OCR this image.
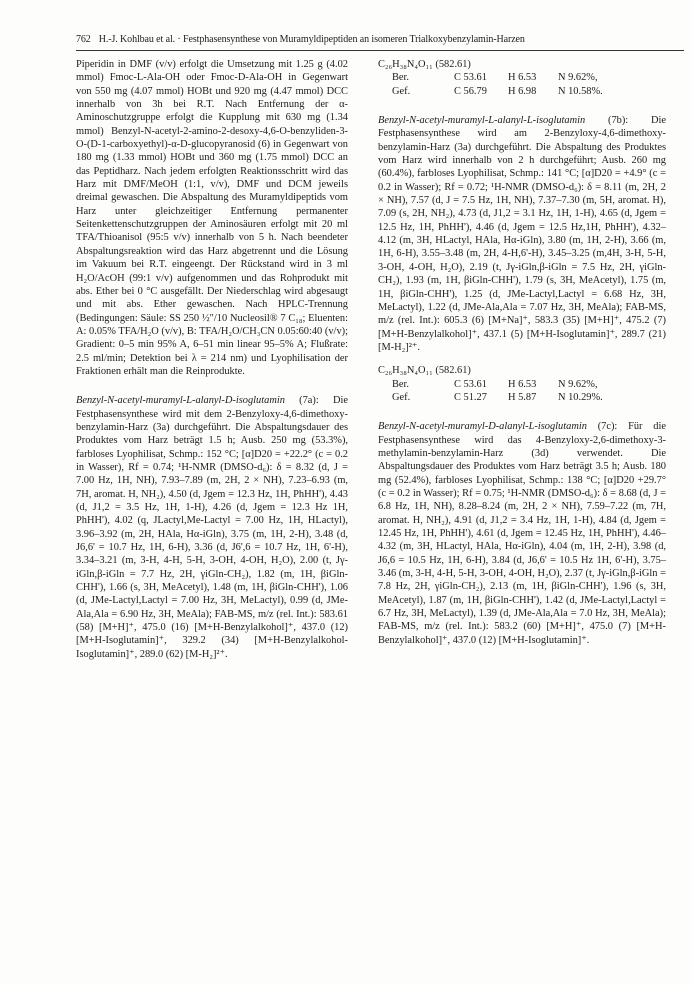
762 H.-J. Kohlbau et al. · Festphasensynthese von Muramyldipeptiden an isomeren Trialkoxybenzylamin-Harzen

Piperidin in DMF (v/v) erfolgt die Umsetzung mit 1.25 g (4.02 mmol) Fmoc-L-Ala-OH oder Fmoc-D-Ala-OH in Gegenwart von 550 mg (4.07 mmol) HOBt und 920 mg (4.47 mmol) DCC innerhalb von 3h bei R.T. Nach Entfernung der α-Aminoschutzgruppe erfolgt die Kupplung mit 630 mg (1.34 mmol) Benzyl-N-acetyl-2-amino-2-desoxy-4,6-O-benzyliden-3-O-(D-1-carboxyethyl)-α-D-glucopyranosid (6) in Gegenwart von 180 mg (1.33 mmol) HOBt und 360 mg (1.75 mmol) DCC an das Peptidharz. Nach jedem erfolgten Reaktionsschritt wird das Harz mit DMF/MeOH (1:1, v/v), DMF und DCM jeweils dreimal gewaschen. Die Abspaltung des Muramyldipeptids vom Harz unter gleichzeitiger Entfernung permanenter Seitenkettenschutzgruppen der Aminosäuren erfolgt mit 20 ml TFA/Thioanisol (95:5 v/v) innerhalb von 5 h. Nach beendeter Abspaltungsreaktion wird das Harz abgetrennt und die Lösung im Vakuum bei R.T. eingeengt. Der Rückstand wird in 3 ml H₂O/AcOH (99:1 v/v) aufgenommen und das Rohprodukt mit abs. Ether bei 0 °C ausgefällt. Der Niederschlag wird abgesaugt und mit abs. Ether gewaschen. Nach HPLC-Trennung (Bedingungen: Säule: SS 250 ½"/10 Nucleosil® 7 C₁₈; Eluenten: A: 0.05% TFA/H₂O (v/v), B: TFA/H₂O/CH₃CN 0.05:60:40 (v/v); Gradient: 0–5 min 95% A, 6–51 min linear 95–5% A; Flußrate: 2.5 ml/min; Detektion bei λ = 214 nm) und Lyophilisation der Fraktionen erhält man die Reinprodukte.

Benzyl-N-acetyl-muramyl-L-alanyl-D-isoglutamin (7a): Die Festphasensynthese wird mit dem 2-Benzyloxy-4,6-dimethoxy-benzylamin-Harz (3a) durchgeführt. Die Abspaltungsdauer des Produktes vom Harz beträgt 1.5 h; Ausb. 250 mg (53.3%), farbloses Lyophilisat, Schmp.: 152 °C; [α]D20 = +22.2° (c = 0.2 in Wasser), Rf = 0.74; ¹H-NMR (DMSO-d₆): δ = 8.32 (d, J = 7.00 Hz, 1H, NH), 7.93–7.89 (m, 2H, 2 × NH), 7.23–6.93 (m, 7H, aromat. H, NH₂), 4.50 (d, Jgem = 12.3 Hz, 1H, PhHH'), 4.43 (d, J1,2 = 3.5 Hz, 1H, 1-H), 4.26 (d, Jgem = 12.3 Hz 1H, PhHH'), 4.02 (q, JLactyl,Me-Lactyl = 7.00 Hz, 1H, HLactyl), 3.96–3.92 (m, 2H, HAla, Hα-iGln), 3.75 (m, 1H, 2-H), 3.48 (d, J6,6' = 10.7 Hz, 1H, 6-H), 3.36 (d, J6',6 = 10.7 Hz, 1H, 6'-H), 3.34–3.21 (m, 3-H, 4-H, 5-H, 3-OH, 4-OH, H₂O), 2.00 (t, Jγ-iGln,β-iGln = 7.7 Hz, 2H, γiGln-CH₂), 1.82 (m, 1H, βiGln-CHH'), 1.66 (s, 3H, MeAcetyl), 1.48 (m, 1H, βiGln-CHH'), 1.06 (d, JMe-Lactyl,Lactyl = 7.00 Hz, 3H, MeLactyl), 0.99 (d, JMe-Ala,Ala = 6.90 Hz, 3H, MeAla); FAB-MS, m/z (rel. Int.): 583.61 (58) [M+H]⁺, 475.0 (16) [M+H-Benzylalkohol]⁺, 437.0 (12) [M+H-Isoglutamin]⁺, 329.2 (34) [M+H-Benzylalkohol-Isoglutamin]⁺, 289.0 (62) [M-H₂]²⁺.

C₂₆H₃₈N₄O₁₁ (582.61)

Ber.	C 53.61	H 6.53	N 9.62%,
Gef.	C 56.79	H 6.98	N 10.58%.

Benzyl-N-acetyl-muramyl-L-alanyl-L-isoglutamin (7b): Die Festphasensynthese wird am 2-Benzyloxy-4,6-dimethoxy-benzylamin-Harz (3a) durchgeführt. Die Abspaltung des Produktes vom Harz wird innerhalb von 2 h durchgeführt; Ausb. 260 mg (60.4%), farbloses Lyophilisat, Schmp.: 141 °C; [α]D20 = +4.9° (c = 0.2 in Wasser); Rf = 0.72; ¹H-NMR (DMSO-d₆): δ = 8.11 (m, 2H, 2 × NH), 7.57 (d, J = 7.5 Hz, 1H, NH), 7.37–7.30 (m, 5H, aromat. H), 7.09 (s, 2H, NH₂), 4.73 (d, J1,2 = 3.1 Hz, 1H, 1-H), 4.65 (d, Jgem = 12.5 Hz, 1H, PhHH'), 4.46 (d, Jgem = 12.5 Hz,1H, PhHH'), 4.32–4.12 (m, 3H, HLactyl, HAla, Hα-iGln), 3.80 (m, 1H, 2-H), 3.66 (m, 1H, 6-H), 3.55–3.48 (m, 2H, 4-H,6'-H), 3.45–3.25 (m,4H, 3-H, 5-H, 3-OH, 4-OH, H₂O), 2.19 (t, Jγ-iGln,β-iGln = 7.5 Hz, 2H, γiGln-CH₂), 1.93 (m, 1H, βiGln-CHH'), 1.79 (s, 3H, MeAcetyl), 1.75 (m, 1H, βiGln-CHH'), 1.25 (d, JMe-Lactyl,Lactyl = 6.68 Hz, 3H, MeLactyl), 1.22 (d, JMe-Ala,Ala = 7.07 Hz, 3H, MeAla); FAB-MS, m/z (rel. Int.): 605.3 (6) [M+Na]⁺, 583.3 (35) [M+H]⁺, 475.2 (7) [M+H-Benzylalkohol]⁺, 437.1 (5) [M+H-Isoglutamin]⁺, 289.7 (21) [M-H₂]²⁺.

C₂₆H₃₈N₄O₁₁ (582.61)

Ber.	C 53.61	H 6.53	N 9.62%,
Gef.	C 51.27	H 5.87	N 10.29%.

Benzyl-N-acetyl-muramyl-D-alanyl-L-isoglutamin (7c): Für die Festphasensynthese wird das 4-Benzyloxy-2,6-dimethoxy-3-methylamin-benzylamin-Harz (3d) verwendet. Die Abspaltungsdauer des Produktes vom Harz beträgt 3.5 h; Ausb. 180 mg (52.4%), farbloses Lyophilisat, Schmp.: 138 °C; [α]D20 +29.7° (c = 0.2 in Wasser); Rf = 0.75; ¹H-NMR (DMSO-d₆): δ = 8.68 (d, J = 6.8 Hz, 1H, NH), 8.28–8.24 (m, 2H, 2 × NH), 7.59–7.22 (m, 7H, aromat. H, NH₂), 4.91 (d, J1,2 = 3.4 Hz, 1H, 1-H), 4.84 (d, Jgem = 12.45 Hz, 1H, PhHH'), 4.61 (d, Jgem = 12.45 Hz, 1H, PhHH'), 4.46–4.32 (m, 3H, HLactyl, HAla, Hα-iGln), 4.04 (m, 1H, 2-H), 3.98 (d, J6,6 = 10.5 Hz, 1H, 6-H), 3.84 (d, J6,6' = 10.5 Hz 1H, 6'-H), 3.75–3.46 (m, 3-H, 4-H, 5-H, 3-OH, 4-OH, H₂O), 2.37 (t, Jγ-iGln,β-iGln = 7.8 Hz, 2H, γiGln-CH₂), 2.13 (m, 1H, βiGln-CHH'), 1.96 (s, 3H, MeAcetyl), 1.87 (m, 1H, βiGln-CHH'), 1.42 (d, JMe-Lactyl,Lactyl = 6.7 Hz, 3H, MeLactyl), 1.39 (d, JMe-Ala,Ala = 7.0 Hz, 3H, MeAla); FAB-MS, m/z (rel. Int.): 583.2 (60) [M+H]⁺, 475.0 (7) [M+H-Benzylalkohol]⁺, 437.0 (12) [M+H-Isoglutamin]⁺.
